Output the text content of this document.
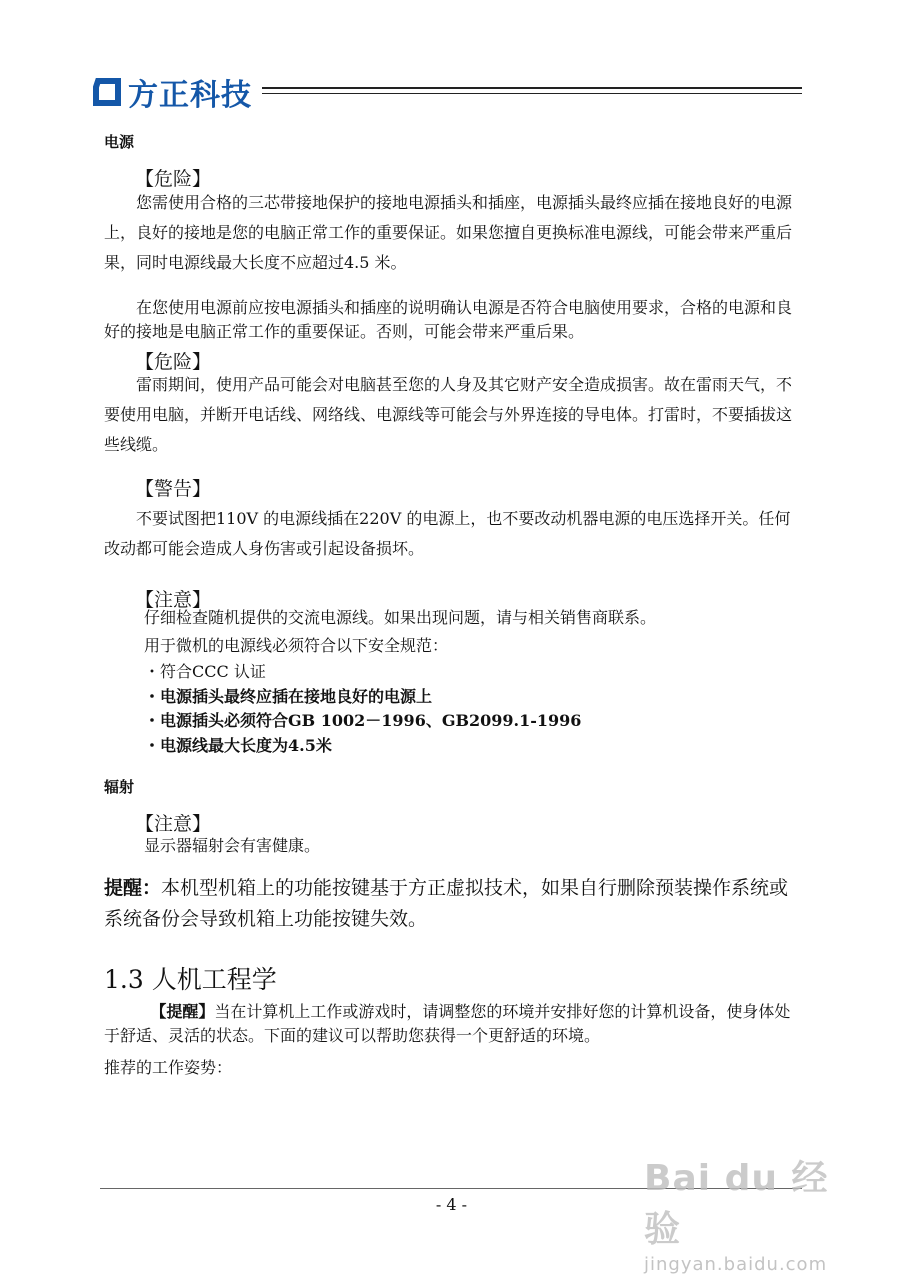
方正科技
电源
【危险】

您需使用合格的三芯带接地保护的接地电源插头和插座，电源插头最终应插在接地良好的电源上，良好的接地是您的电脑正常工作的重要保证。如果您擅自更换标准电源线，可能会带来严重后果，同时电源线最大长度不应超过4.5 米。

在您使用电源前应按电源插头和插座的说明确认电源是否符合电脑使用要求，合格的电源和良好的接地是电脑正常工作的重要保证。否则，可能会带来严重后果。

【危险】

雷雨期间，使用产品可能会对电脑甚至您的人身及其它财产安全造成损害。故在雷雨天气，不要使用电脑，并断开电话线、网络线、电源线等可能会与外界连接的导电体。打雷时，不要插拔这些线缆。

【警告】

不要试图把110V 的电源线插在220V 的电源上，也不要改动机器电源的电压选择开关。任何改动都可能会造成人身伤害或引起设备损坏。

【注意】
仔细检查随机提供的交流电源线。如果出现问题，请与相关销售商联系。
用于微机的电源线必须符合以下安全规范：
・符合CCC 认证
・电源插头最终应插在接地良好的电源上
・电源插头必须符合GB 1002－1996、GB2099.1-1996
・电源线最大长度为4.5米
辐射
【注意】
显示器辐射会有害健康。

提醒：本机型机箱上的功能按键基于方正虚拟技术，如果自行删除预装操作系统或系统备份会导致机箱上功能按键失效。

1.3 人机工程学

【提醒】当在计算机上工作或游戏时，请调整您的环境并安排好您的计算机设备，使身体处于舒适、灵活的状态。下面的建议可以帮助您获得一个更舒适的环境。

推荐的工作姿势：
- 4 -
Bai du 经验
jingyan.baidu.com
